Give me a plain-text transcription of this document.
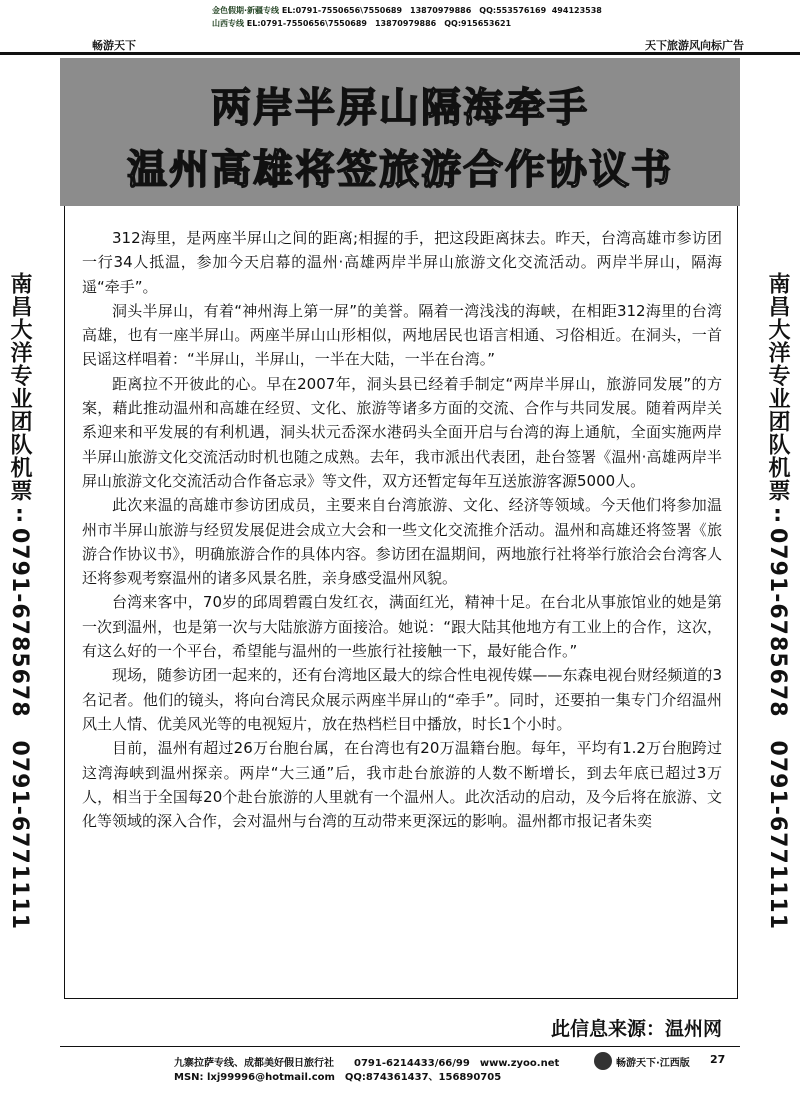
金色假期·新疆专线 EL:0791-7550656\7550689　13870979886　QQ:553576169  494123538
山西专线 EL:0791-7550656\7550689　13870979886　QQ:915653621
畅游天下	天下旅游风向标广告
两岸半屏山隔海牵手
温州高雄将签旅游合作协议书
南昌大洋专业团队机票:0791-6785678　0791-6771111
南昌大洋专业团队机票:0791-6785678　0791-6771111

312海里，是两座半屏山之间的距离;相握的手，把这段距离抹去。昨天，台湾高雄市参访团一行34人抵温，参加今天启幕的温州·高雄两岸半屏山旅游文化交流活动。两岸半屏山，隔海遥“牵手”。

洞头半屏山，有着“神州海上第一屏”的美誉。隔着一湾浅浅的海峡，在相距312海里的台湾高雄，也有一座半屏山。两座半屏山山形相似，两地居民也语言相通、习俗相近。在洞头，一首民谣这样唱着：“半屏山，半屏山，一半在大陆，一半在台湾。”

距离拉不开彼此的心。早在2007年，洞头县已经着手制定“两岸半屏山，旅游同发展”的方案，藉此推动温州和高雄在经贸、文化、旅游等诸多方面的交流、合作与共同发展。随着两岸关系迎来和平发展的有利机遇，洞头状元岙深水港码头全面开启与台湾的海上通航，全面实施两岸半屏山旅游文化交流活动时机也随之成熟。去年，我市派出代表团，赴台签署《温州·高雄两岸半屏山旅游文化交流活动合作备忘录》等文件，双方还暂定每年互送旅游客源5000人。

此次来温的高雄市参访团成员，主要来自台湾旅游、文化、经济等领域。今天他们将参加温州市半屏山旅游与经贸发展促进会成立大会和一些文化交流推介活动。温州和高雄还将签署《旅游合作协议书》，明确旅游合作的具体内容。参访团在温期间，两地旅行社将举行旅洽会台湾客人还将参观考察温州的诸多风景名胜，亲身感受温州风貌。

台湾来客中，70岁的邱周碧霞白发红衣，满面红光，精神十足。在台北从事旅馆业的她是第一次到温州，也是第一次与大陆旅游方面接洽。她说：“跟大陆其他地方有工业上的合作，这次，有这么好的一个平台，希望能与温州的一些旅行社接触一下，最好能合作。”

现场，随参访团一起来的，还有台湾地区最大的综合性电视传媒——东森电视台财经频道的3名记者。他们的镜头，将向台湾民众展示两座半屏山的“牵手”。同时，还要拍一集专门介绍温州风土人情、优美风光等的电视短片，放在热档栏目中播放，时长1个小时。

目前，温州有超过26万台胞台属，在台湾也有20万温籍台胞。每年，平均有1.2万台胞跨过这湾海峡到温州探亲。两岸“大三通”后，我市赴台旅游的人数不断增长，到去年底已超过3万人，相当于全国每20个赴台旅游的人里就有一个温州人。此次活动的启动，及今后将在旅游、文化等领域的深入合作，会对温州与台湾的互动带来更深远的影响。温州都市报记者朱奕

此信息来源：温州网
九寨拉萨专线、成都美好假日旅行社　　0791-6214433/66/99　www.zyoo.net
MSN: lxj99996@hotmail.com　QQ:874361437、156890705
畅游天下·江西版 27
